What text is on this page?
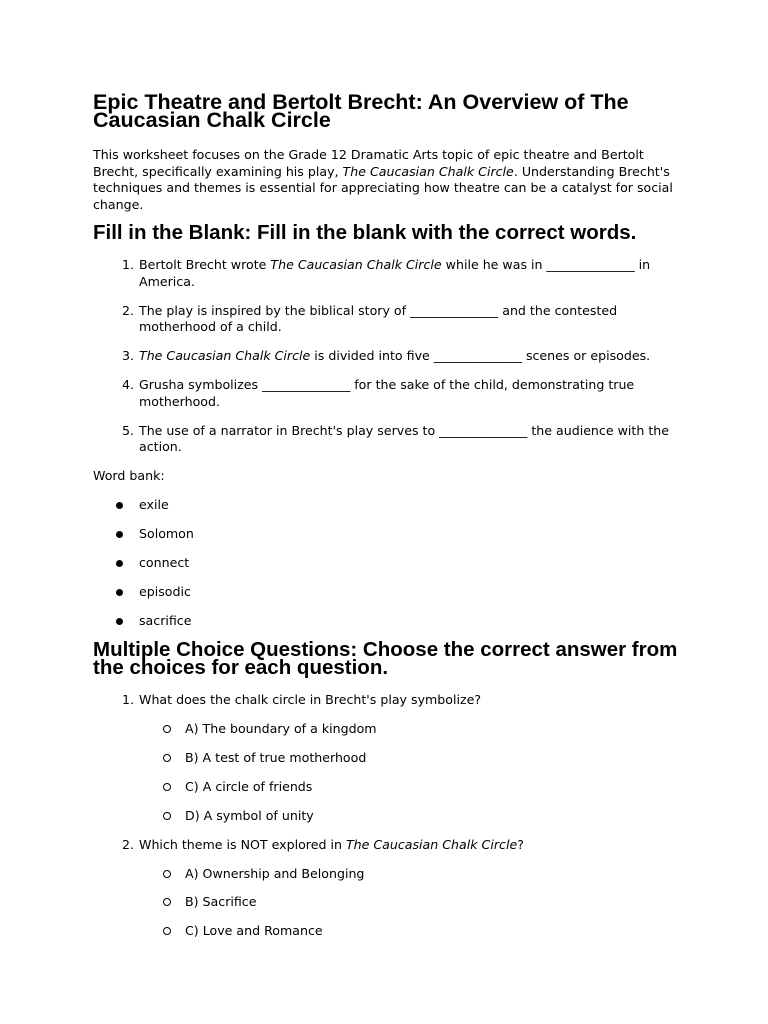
Epic Theatre and Bertolt Brecht: An Overview of The Caucasian Chalk Circle

This worksheet focuses on the Grade 12 Dramatic Arts topic of epic theatre and Bertolt Brecht, specifically examining his play, The Caucasian Chalk Circle. Understanding Brecht's techniques and themes is essential for appreciating how theatre can be a catalyst for social change.

Fill in the Blank: Fill in the blank with the correct words.
1. Bertolt Brecht wrote The Caucasian Chalk Circle while he was in ______________ in America.
2. The play is inspired by the biblical story of ______________ and the contested motherhood of a child.
3. The Caucasian Chalk Circle is divided into five ______________ scenes or episodes.
4. Grusha symbolizes ______________ for the sake of the child, demonstrating true motherhood.
5. The use of a narrator in Brecht's play serves to ______________ the audience with the action.

Word bank:

exile
Solomon
connect
episodic
sacrifice
Multiple Choice Questions: Choose the correct answer from the choices for each question.
1. What does the chalk circle in Brecht's play symbolize?
A) The boundary of a kingdom
B) A test of true motherhood
C) A circle of friends
D) A symbol of unity
2. Which theme is NOT explored in The Caucasian Chalk Circle?
A) Ownership and Belonging
B) Sacrifice
C) Love and Romance
